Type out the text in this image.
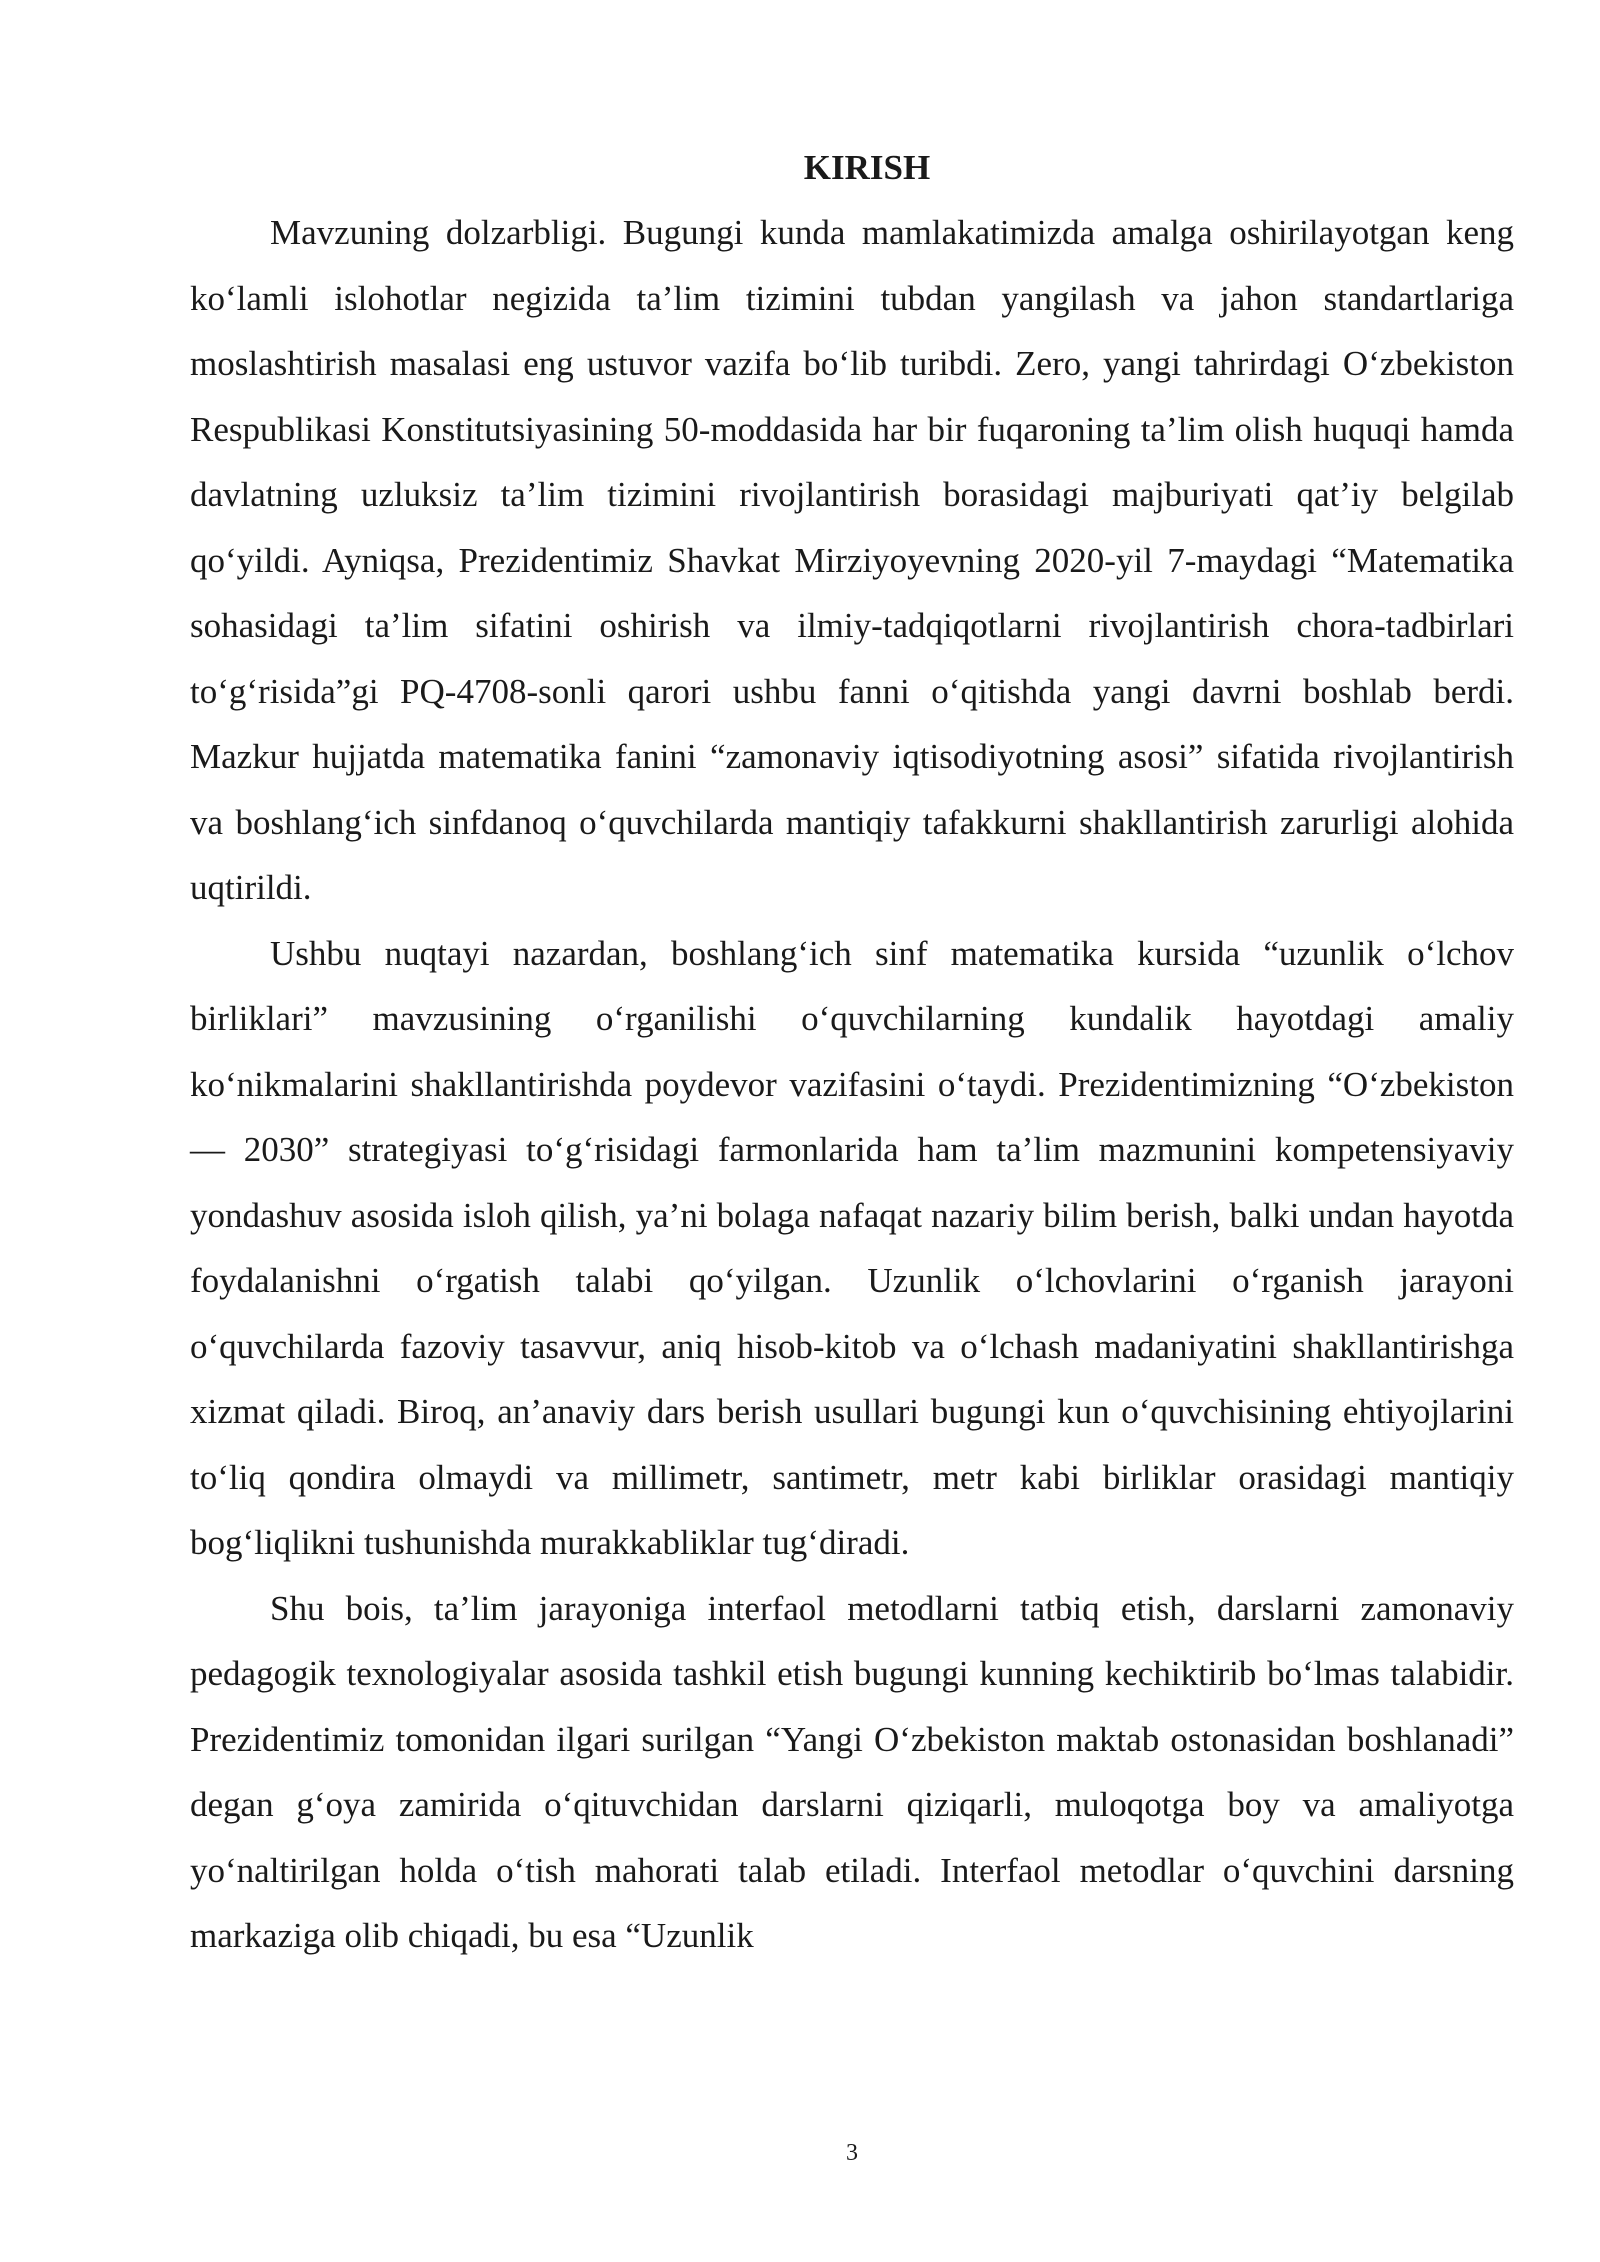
KIRISH

Mavzuning dolzarbligi. Bugungi kunda mamlakatimizda amalga oshirilayotgan keng ko‘lamli islohotlar negizida ta’lim tizimini tubdan yangilash va jahon standartlariga moslashtirish masalasi eng ustuvor vazifa bo‘lib turibdi. Zero, yangi tahrirdagi O‘zbekiston Respublikasi Konstitutsiyasining 50-moddasida har bir fuqaroning ta’lim olish huquqi hamda davlatning uzluksiz ta’lim tizimini rivojlantirish borasidagi majburiyati qat’iy belgilab qo‘yildi. Ayniqsa, Prezidentimiz Shavkat Mirziyoyevning 2020-yil 7-maydagi “Matematika sohasidagi ta’lim sifatini oshirish va ilmiy-tadqiqotlarni rivojlantirish chora-tadbirlari to‘g‘risida”gi PQ-4708-sonli qarori ushbu fanni o‘qitishda yangi davrni boshlab berdi. Mazkur hujjatda matematika fanini “zamonaviy iqtisodiyotning asosi” sifatida rivojlantirish va boshlang‘ich sinfdanoq o‘quvchilarda mantiqiy tafakkurni shakllantirish zarurligi alohida uqtirildi.

Ushbu nuqtayi nazardan, boshlang‘ich sinf matematika kursida “uzunlik o‘lchov birliklari” mavzusining o‘rganilishi o‘quvchilarning kundalik hayotdagi amaliy ko‘nikmalarini shakllantirishda poydevor vazifasini o‘taydi. Prezidentimizning “O‘zbekiston — 2030” strategiyasi to‘g‘risidagi farmonlarida ham ta’lim mazmunini kompetensiyaviy yondashuv asosida isloh qilish, ya’ni bolaga nafaqat nazariy bilim berish, balki undan hayotda foydalanishni o‘rgatish talabi qo‘yilgan. Uzunlik o‘lchovlarini o‘rganish jarayoni o‘quvchilarda fazoviy tasavvur, aniq hisob-kitob va o‘lchash madaniyatini shakllantirishga xizmat qiladi. Biroq, an’anaviy dars berish usullari bugungi kun o‘quvchisining ehtiyojlarini to‘liq qondira olmaydi va millimetr, santimetr, metr kabi birliklar orasidagi mantiqiy bog‘liqlikni tushunishda murakkabliklar tug‘diradi.

Shu bois, ta’lim jarayoniga interfaol metodlarni tatbiq etish, darslarni zamonaviy pedagogik texnologiyalar asosida tashkil etish bugungi kunning kechiktirib bo‘lmas talabidir. Prezidentimiz tomonidan ilgari surilgan “Yangi O‘zbekiston maktab ostonasidan boshlanadi” degan g‘oya zamirida o‘qituvchidan darslarni qiziqarli, muloqotga boy va amaliyotga yo‘naltirilgan holda o‘tish mahorati talab etiladi. Interfaol metodlar o‘quvchini darsning markaziga olib chiqadi, bu esa “Uzunlik

3
